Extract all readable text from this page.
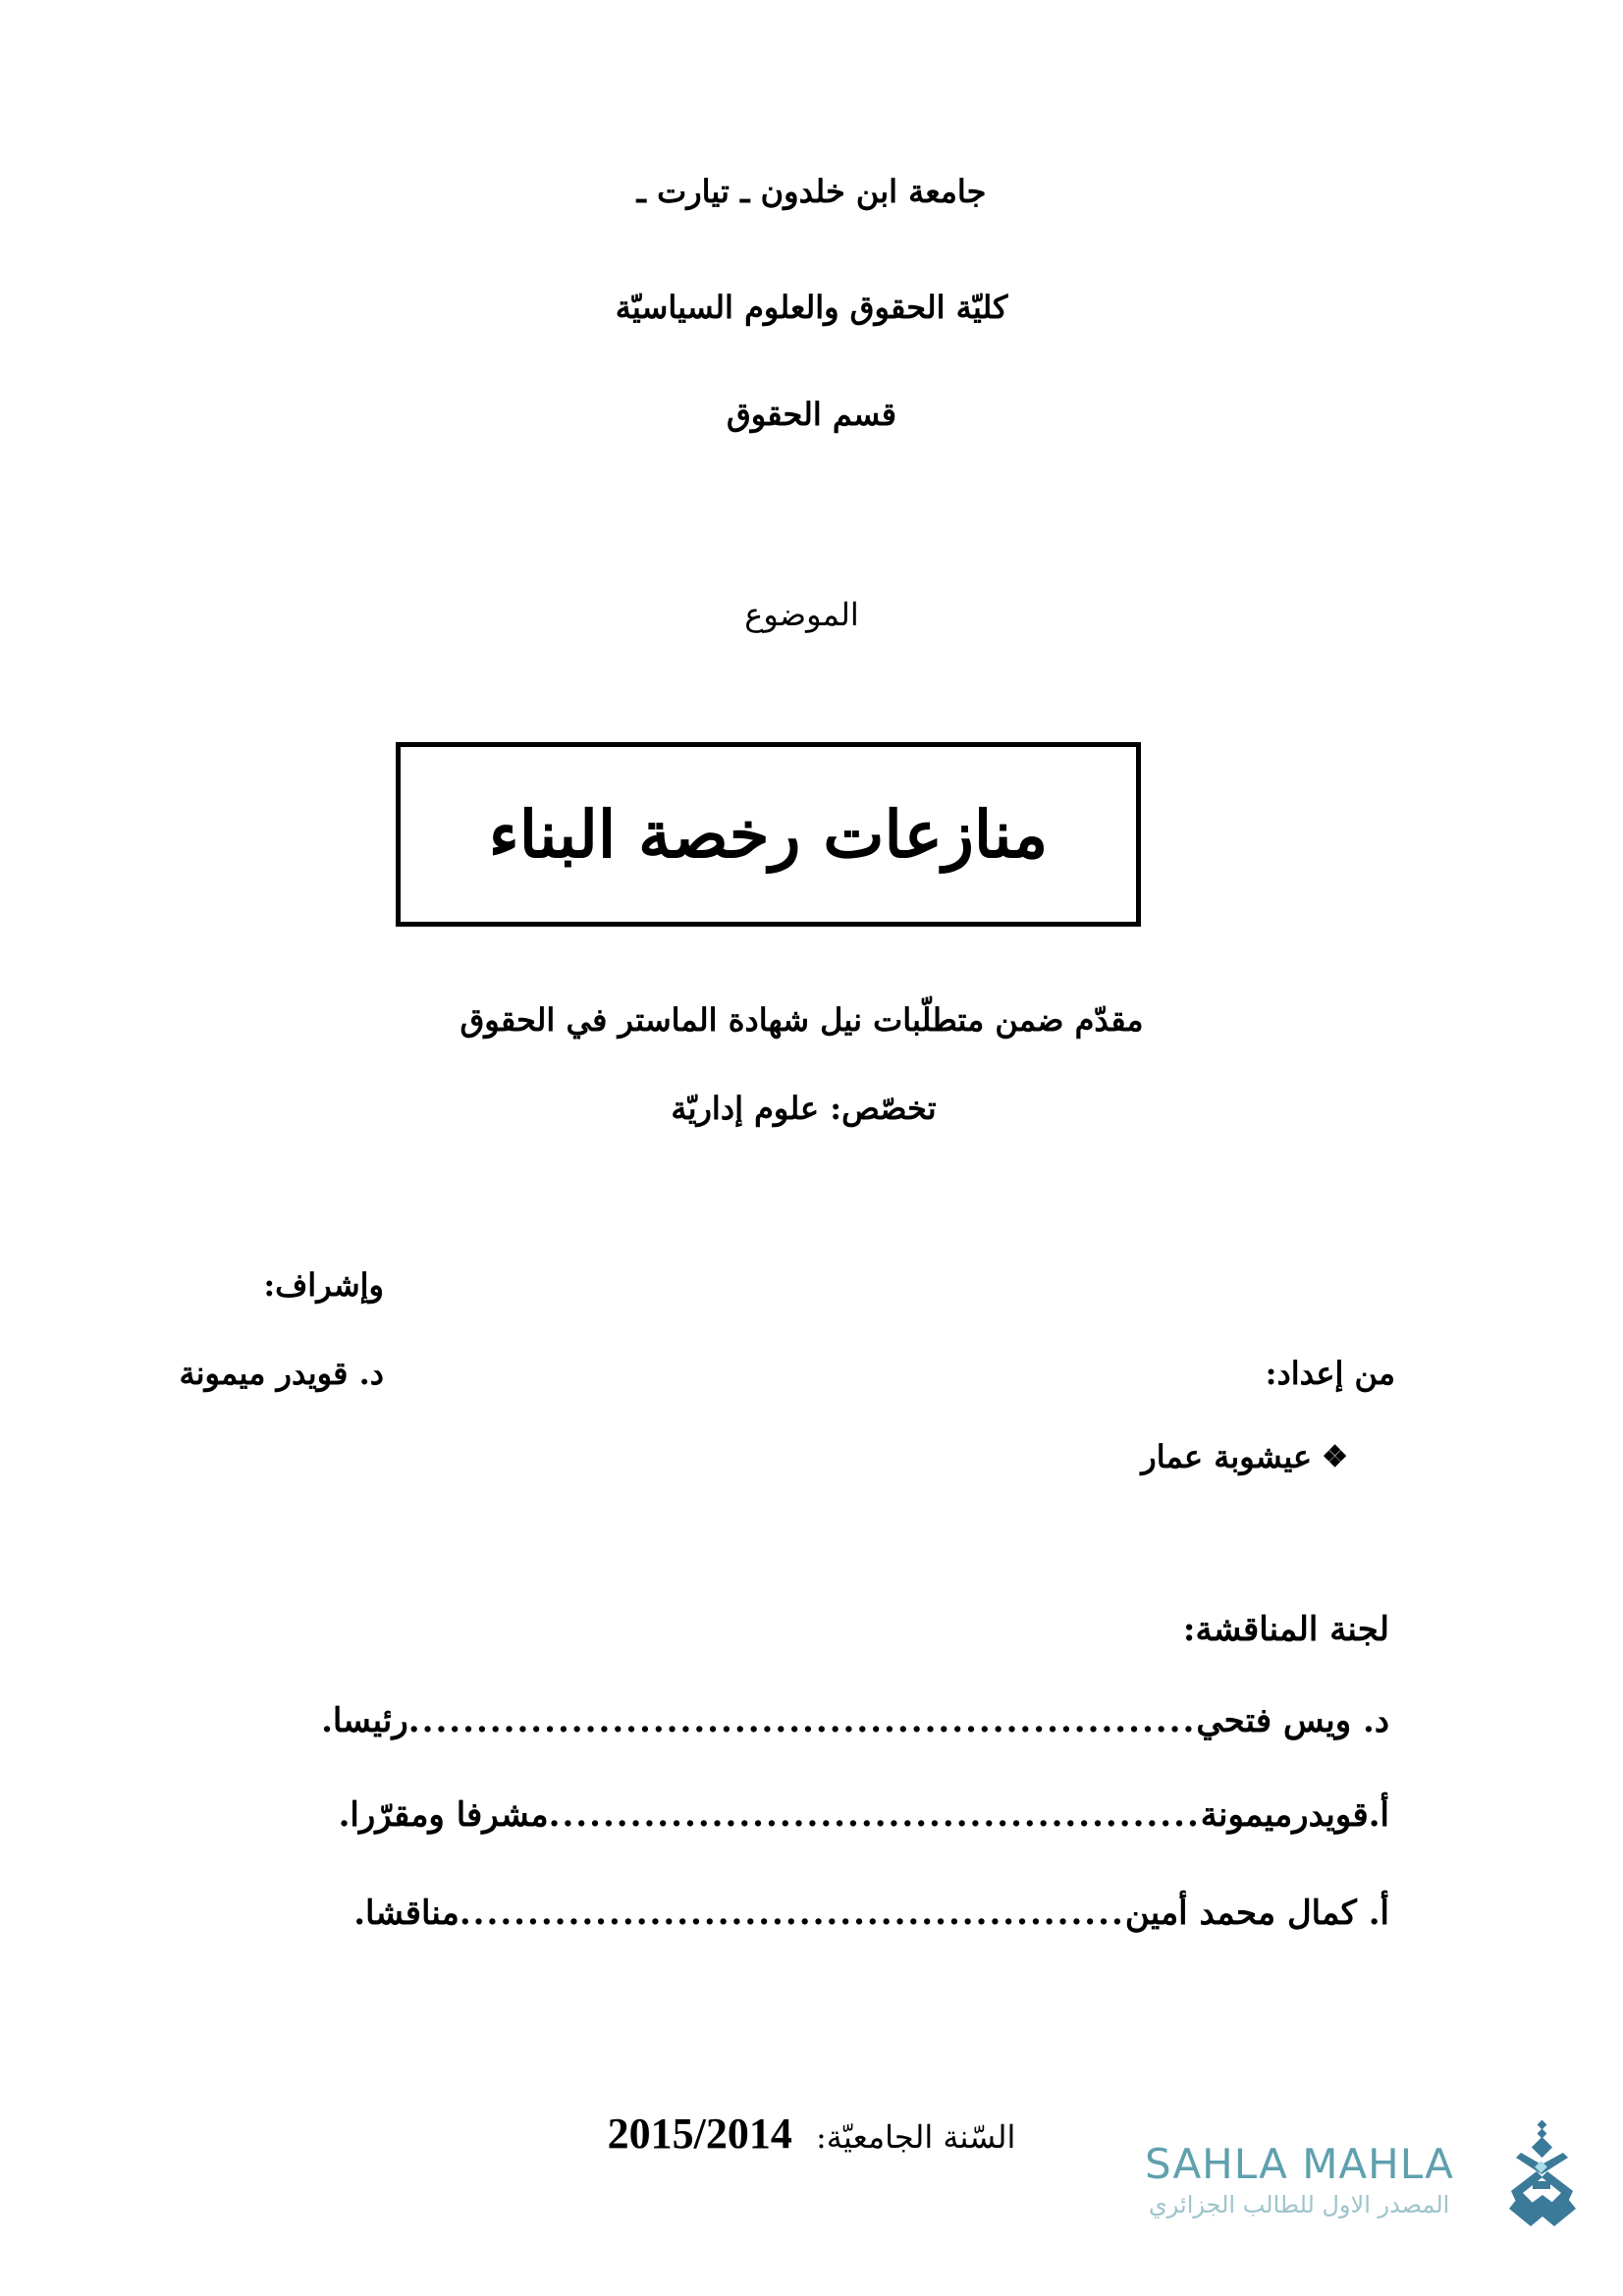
جامعة ابن خلدون ـ تيارت ـ
كليّة الحقوق والعلوم السياسيّة
قسم الحقوق
الموضوع
منازعات رخصة البناء
مقدّم ضمن متطلّبات نيل شهادة الماستر في الحقوق
تخصّص: علوم إداريّة
وإشراف:
د. قويدر ميمونة	من إعداد:
❖
عيشوبة عمار
لجنة المناقشة:
د. ويس فتحي
..........................................................
رئيسا.
أ.قويدرميمونة
................................................
مشرفا ومقرّرا.
أ. كمال محمد أمين
.................................................
مناقشا.
السّنة الجامعيّة: 2015/2014
SAHLA MAHLA
المصدر الاول للطالب الجزائري
